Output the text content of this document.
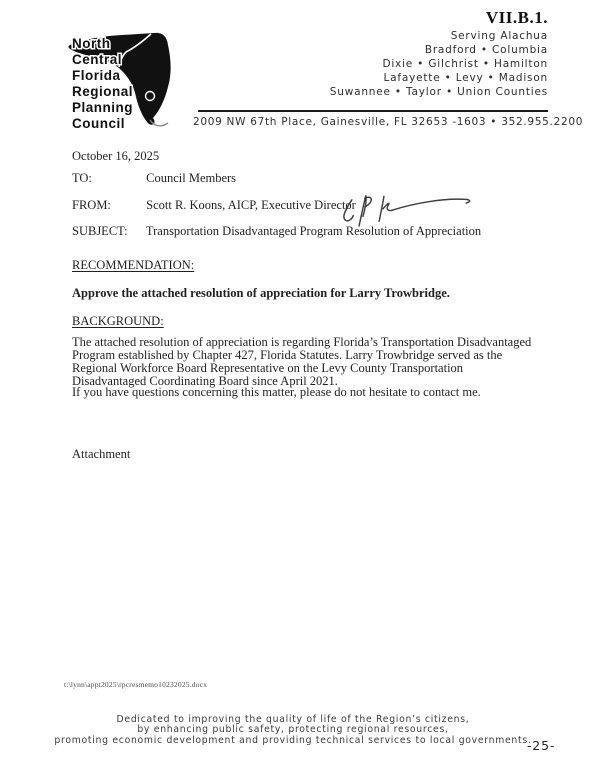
North
Central
Florida
Regional
Planning
Council
VII.B.1.
Serving Alachua
Bradford • Columbia
Dixie • Gilchrist • Hamilton
Lafayette • Levy • Madison
Suwannee • Taylor • Union Counties
2009 NW 67th Place, Gainesville, FL 32653 -1603 • 352.955.2200
October 16, 2025
TO:	Council Members
FROM:	Scott R. Koons, AICP, Executive Director
SUBJECT: Transportation Disadvantaged Program Resolution of Appreciation
RECOMMENDATION:
Approve the attached resolution of appreciation for Larry Trowbridge.
BACKGROUND:
The attached resolution of appreciation is regarding Florida’s Transportation Disadvantaged Program established by Chapter 427, Florida Statutes. Larry Trowbridge served as the Regional Workforce Board Representative on the Levy County Transportation Disadvantaged Coordinating Board since April 2021.
If you have questions concerning this matter, please do not hesitate to contact me.
Attachment
t:\lynn\appt2025\rpcresmemo10232025.docx
Dedicated to improving the quality of life of the Region’s citizens,
by enhancing public safety, protecting regional resources,
promoting economic development and providing technical services to local governments.
-25-
